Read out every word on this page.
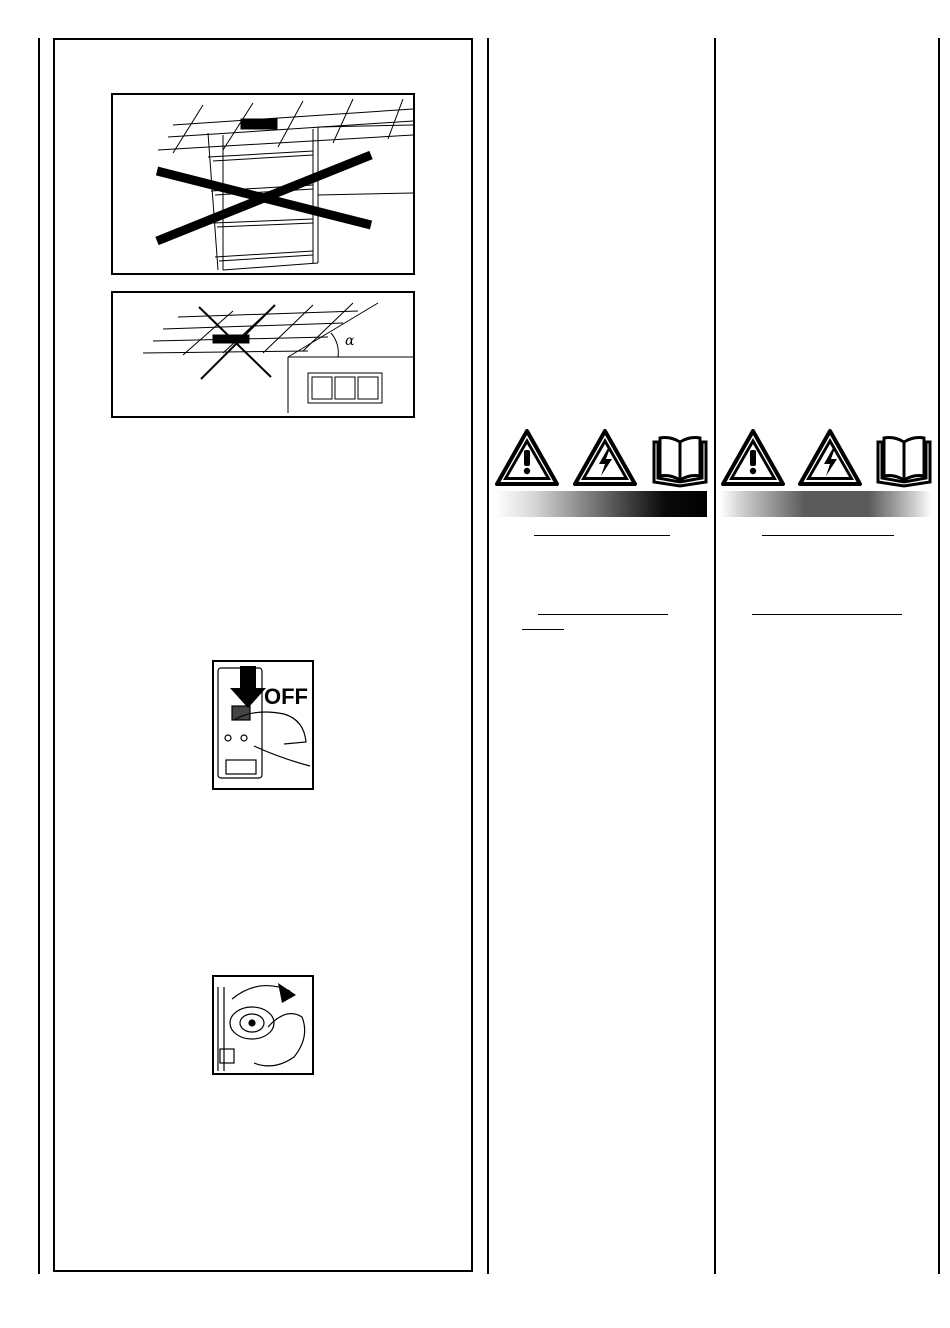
α
OFF
